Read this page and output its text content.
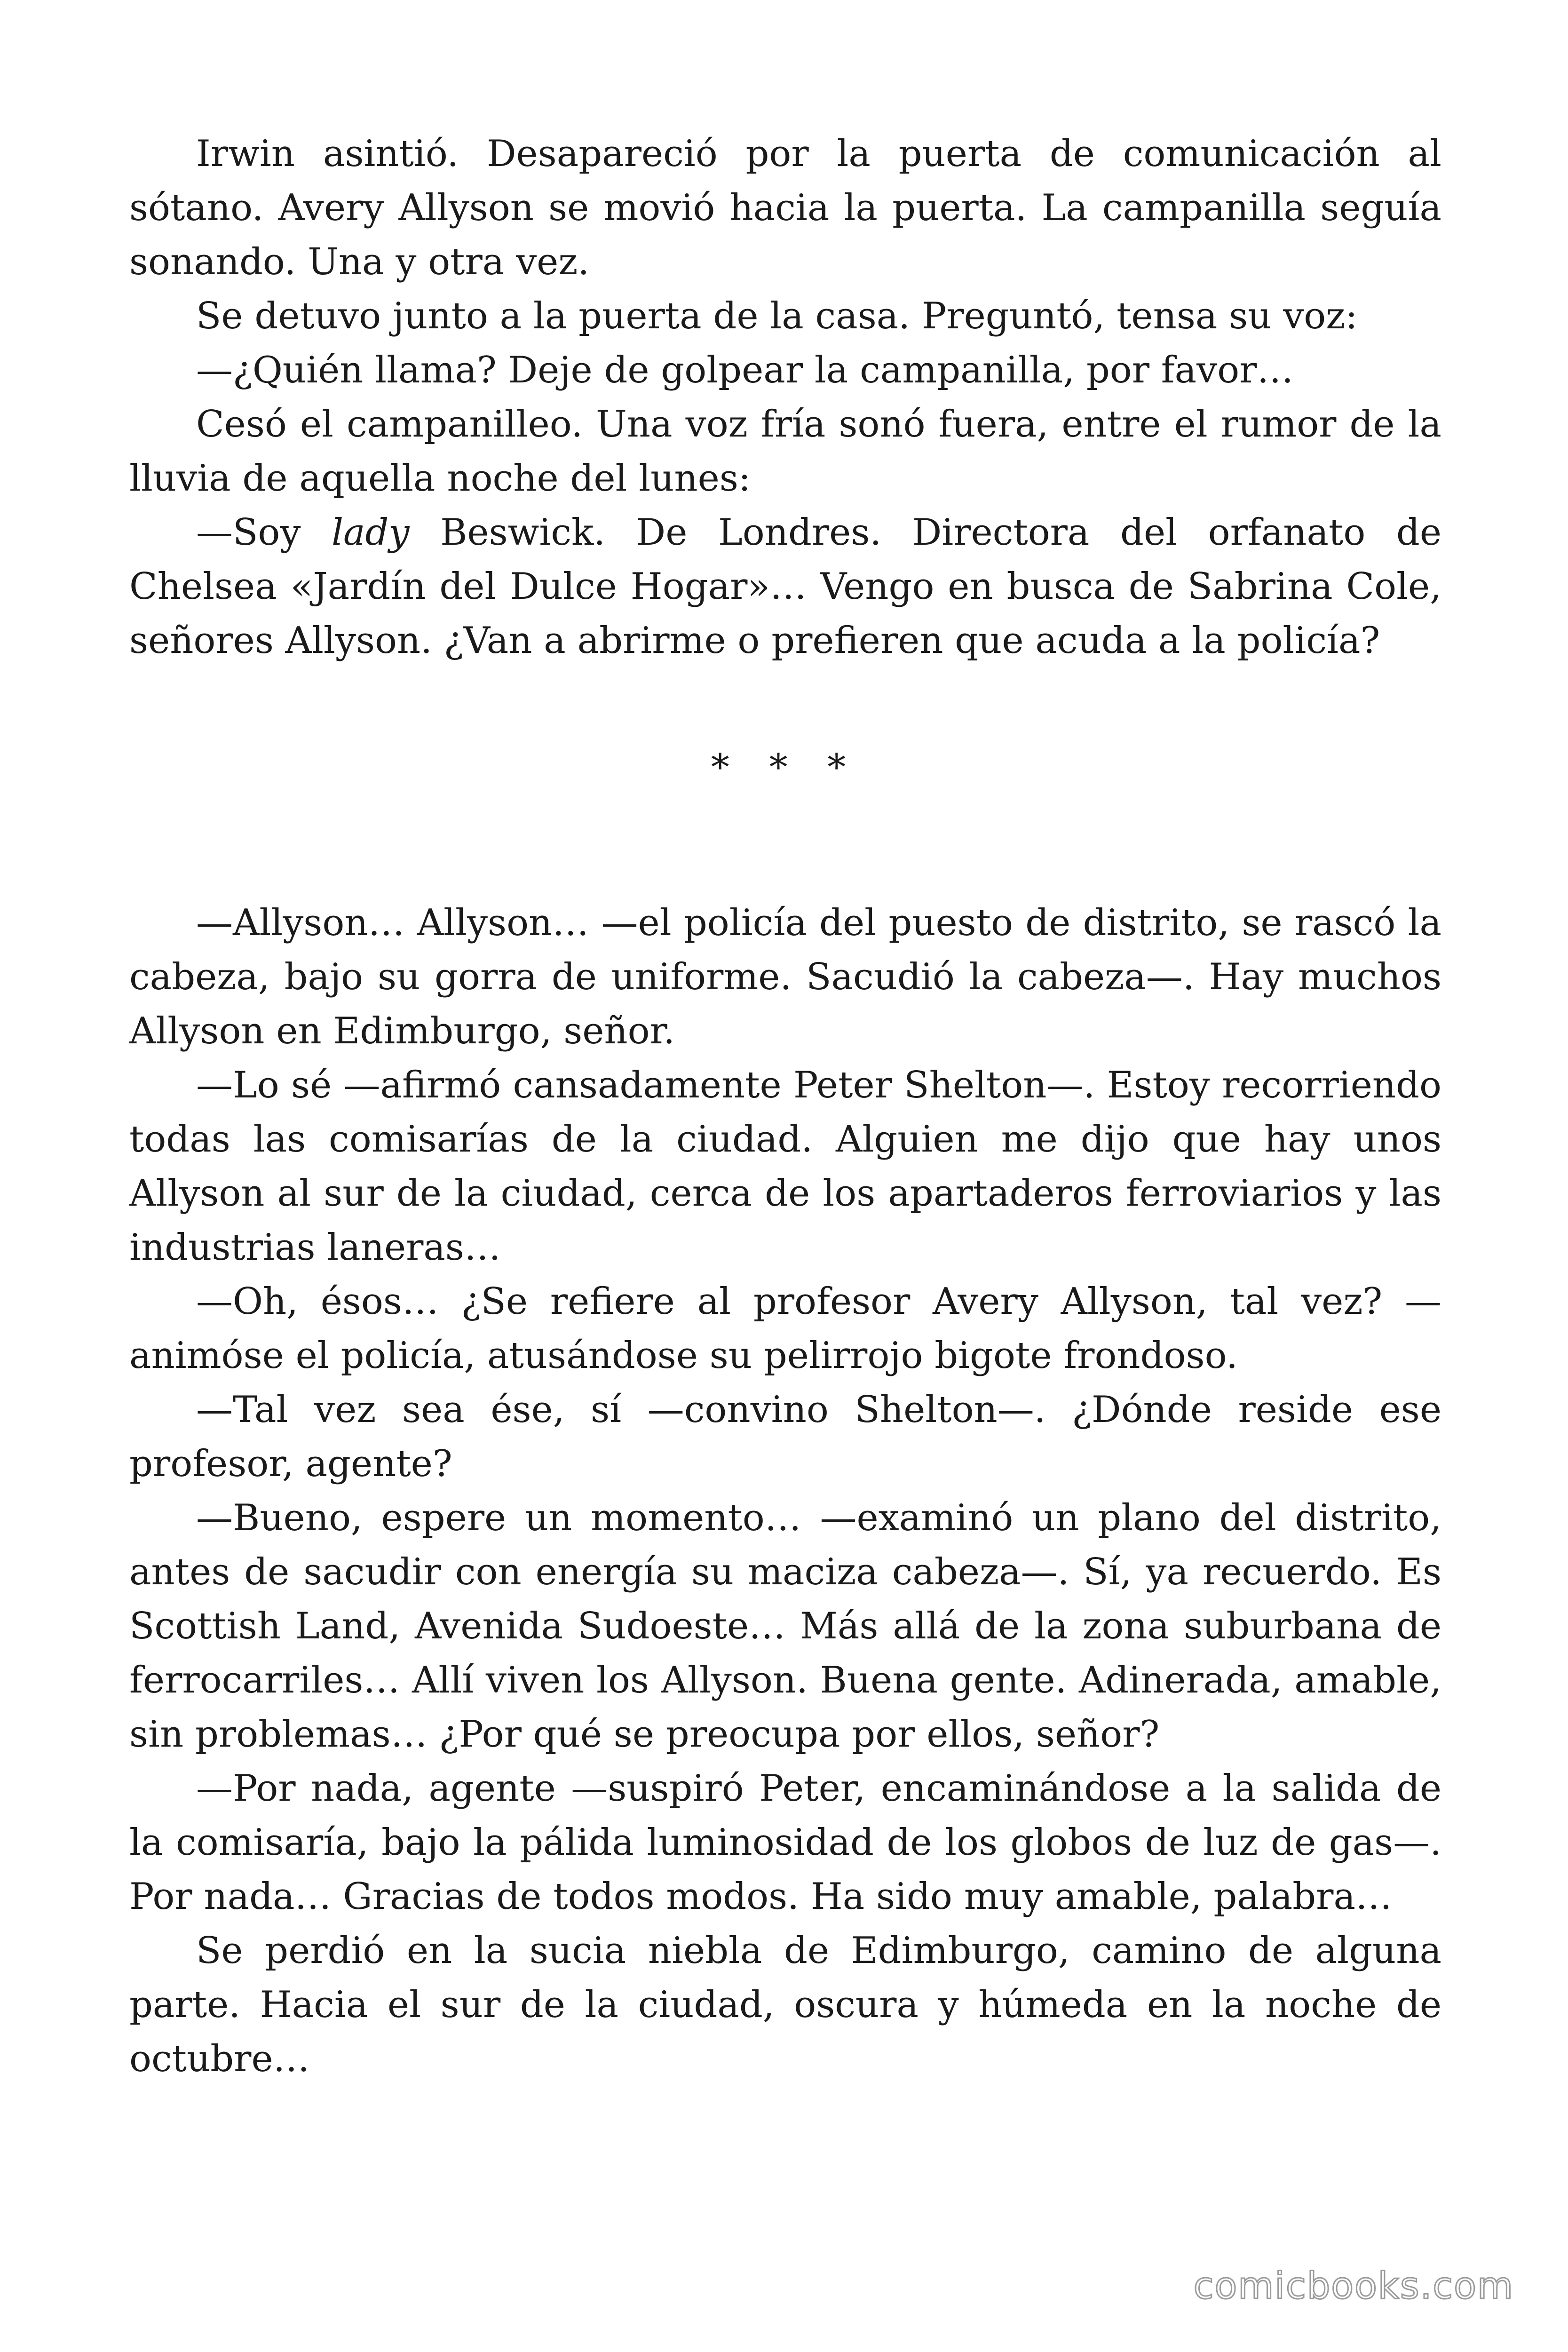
Irwin asintió. Desapareció por la puerta de comunicación al sótano. Avery Allyson se movió hacia la puerta. La campanilla seguía sonando. Una y otra vez.

Se detuvo junto a la puerta de la casa. Preguntó, tensa su voz:

—¿Quién llama? Deje de golpear la campanilla, por favor…

Cesó el campanilleo. Una voz fría sonó fuera, entre el rumor de la lluvia de aquella noche del lunes:

—Soy lady Beswick. De Londres. Directora del orfanato de Chelsea «Jardín del Dulce Hogar»… Vengo en busca de Sabrina Cole, señores Allyson. ¿Van a abrirme o prefieren que acuda a la policía?

* * *

—Allyson… Allyson… —el policía del puesto de distrito, se rascó la cabeza, bajo su gorra de uniforme. Sacudió la cabeza—. Hay muchos Allyson en Edimburgo, señor.

—Lo sé —afirmó cansadamente Peter Shelton—. Estoy recorriendo todas las comisarías de la ciudad. Alguien me dijo que hay unos Allyson al sur de la ciudad, cerca de los apartaderos ferroviarios y las industrias laneras…

—Oh, ésos… ¿Se refiere al profesor Avery Allyson, tal vez? —animóse el policía, atusándose su pelirrojo bigote frondoso.

—Tal vez sea ése, sí —convino Shelton—. ¿Dónde reside ese profesor, agente?

—Bueno, espere un momento… —examinó un plano del distrito, antes de sacudir con energía su maciza cabeza—. Sí, ya recuerdo. Es Scottish Land, Avenida Sudoeste… Más allá de la zona suburbana de ferrocarriles… Allí viven los Allyson. Buena gente. Adinerada, amable, sin problemas… ¿Por qué se preocupa por ellos, señor?

—Por nada, agente —suspiró Peter, encaminándose a la salida de la comisaría, bajo la pálida luminosidad de los globos de luz de gas—. Por nada… Gracias de todos modos. Ha sido muy amable, palabra…

Se perdió en la sucia niebla de Edimburgo, camino de alguna parte. Hacia el sur de la ciudad, oscura y húmeda en la noche de octubre…

comicbooks.com
